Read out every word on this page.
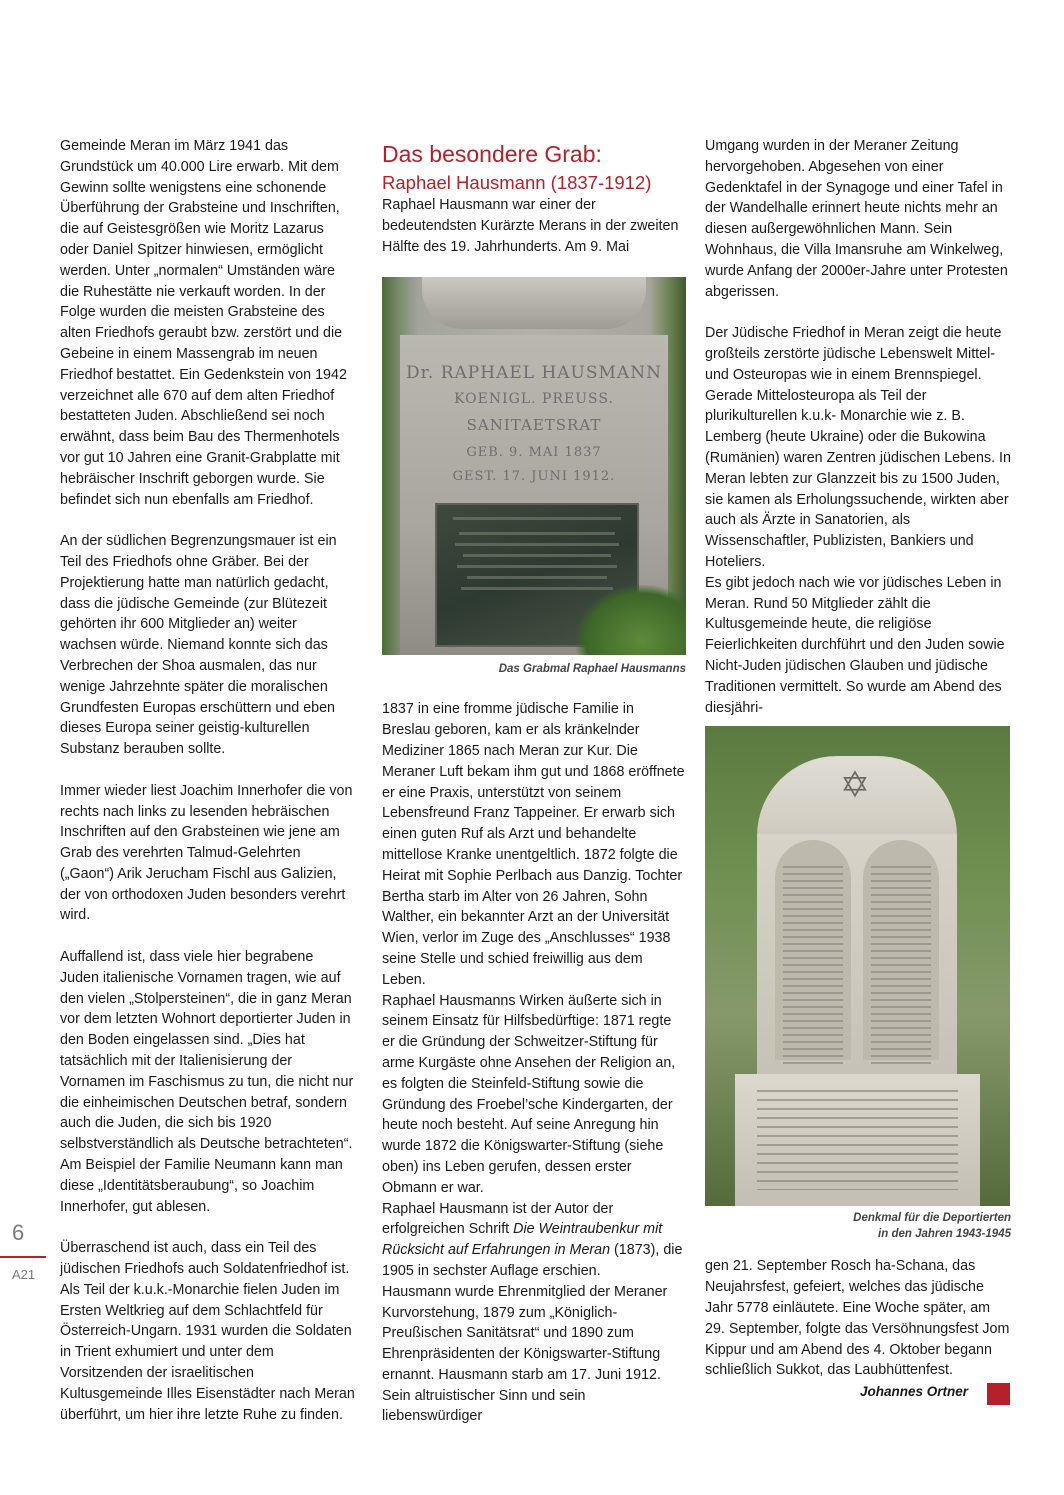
Gemeinde Meran im März 1941 das Grundstück um 40.000 Lire erwarb. Mit dem Gewinn sollte wenigstens eine schonende Überführung der Grabsteine und Inschriften, die auf Geistesgrößen wie Moritz Lazarus oder Daniel Spitzer hinwiesen, ermöglicht werden. Unter „normalen“ Umständen wäre die Ruhestätte nie verkauft worden. In der Folge wurden die meisten Grabsteine des alten Friedhofs geraubt bzw. zerstört und die Gebeine in einem Massengrab im neuen Friedhof bestattet. Ein Gedenkstein von 1942 verzeichnet alle 670 auf dem alten Friedhof bestatteten Juden. Abschließend sei noch erwähnt, dass beim Bau des Thermenhotels vor gut 10 Jahren eine Granit-Grabplatte mit hebräischer Inschrift geborgen wurde. Sie befindet sich nun ebenfalls am Friedhof.

An der südlichen Begrenzungsmauer ist ein Teil des Friedhofs ohne Gräber. Bei der Projektierung hatte man natürlich gedacht, dass die jüdische Gemeinde (zur Blütezeit gehörten ihr 600 Mitglieder an) weiter wachsen würde. Niemand konnte sich das Verbrechen der Shoa ausmalen, das nur wenige Jahrzehnte später die moralischen Grundfesten Europas erschüttern und eben dieses Europa seiner geistig-kulturellen Substanz berauben sollte.

Immer wieder liest Joachim Innerhofer die von rechts nach links zu lesenden hebräischen Inschriften auf den Grabsteinen wie jene am Grab des verehrten Talmud-Gelehrten („Gaon“) Arik Jerucham Fischl aus Galizien, der von orthodoxen Juden besonders verehrt wird.

Auffallend ist, dass viele hier begrabene Juden italienische Vornamen tragen, wie auf den vielen „Stolpersteinen“, die in ganz Meran vor dem letzten Wohnort deportierter Juden in den Boden eingelassen sind. „Dies hat tatsächlich mit der Italienisierung der Vornamen im Faschismus zu tun, die nicht nur die einheimischen Deutschen betraf, sondern auch die Juden, die sich bis 1920 selbstverständlich als Deutsche betrachteten“. Am Beispiel der Familie Neumann kann man diese „Identitätsberaubung“, so Joachim Innerhofer, gut ablesen.

Überraschend ist auch, dass ein Teil des jüdischen Friedhofs auch Soldatenfriedhof ist. Als Teil der k.u.k.-Monarchie fielen Juden im Ersten Weltkrieg auf dem Schlachtfeld für Österreich-Ungarn. 1931 wurden die Soldaten in Trient exhumiert und unter dem Vorsitzenden der israelitischen Kultusgemeinde Illes Eisenstädter nach Meran überführt, um hier ihre letzte Ruhe zu finden.

Das besondere Grab:
Raphael Hausmann (1837-1912)

Raphael Hausmann war einer der bedeutendsten Kurärzte Merans in der zweiten Hälfte des 19. Jahrhunderts. Am 9. Mai

Dr. RAPHAEL HAUSMANN
KOENIGL. PREUSS.
SANITAETSRAT
GEB. 9. MAI 1837
GEST. 17. JUNI 1912.
Das Grabmal Raphael Hausmanns

1837 in eine fromme jüdische Familie in Breslau geboren, kam er als kränkelnder Mediziner 1865 nach Meran zur Kur. Die Meraner Luft bekam ihm gut und 1868 eröffnete er eine Praxis, unterstützt von seinem Lebensfreund Franz Tappeiner. Er erwarb sich einen guten Ruf als Arzt und behandelte mittellose Kranke unentgeltlich. 1872 folgte die Heirat mit Sophie Perlbach aus Danzig. Tochter Bertha starb im Alter von 26 Jahren, Sohn Walther, ein bekannter Arzt an der Universität Wien, verlor im Zuge des „Anschlusses“ 1938 seine Stelle und schied freiwillig aus dem Leben.

Raphael Hausmanns Wirken äußerte sich in seinem Einsatz für Hilfsbedürftige: 1871 regte er die Gründung der Schweitzer-Stiftung für arme Kurgäste ohne Ansehen der Religion an, es folgten die Steinfeld-Stiftung sowie die Gründung des Froebel’sche Kindergarten, der heute noch besteht. Auf seine Anregung hin wurde 1872 die Königswarter-Stiftung (siehe oben) ins Leben gerufen, dessen erster Obmann er war.

Raphael Hausmann ist der Autor der erfolgreichen Schrift Die Weintraubenkur mit Rücksicht auf Erfahrungen in Meran (1873), die 1905 in sechster Auflage erschien.

Hausmann wurde Ehrenmitglied der Meraner Kurvorstehung, 1879 zum „Königlich-Preußischen Sanitätsrat“ und 1890 zum Ehrenpräsidenten der Königswarter-Stiftung ernannt. Hausmann starb am 17. Juni 1912. Sein altruistischer Sinn und sein liebenswürdiger

Umgang wurden in der Meraner Zeitung hervorgehoben. Abgesehen von einer Gedenktafel in der Synagoge und einer Tafel in der Wandelhalle erinnert heute nichts mehr an diesen außergewöhnlichen Mann. Sein Wohnhaus, die Villa Imansruhe am Winkelweg, wurde Anfang der 2000er-Jahre unter Protesten abgerissen.

Der Jüdische Friedhof in Meran zeigt die heute großteils zerstörte jüdische Lebenswelt Mittel- und Osteuropas wie in einem Brennspiegel. Gerade Mittelosteuropa als Teil der plurikulturellen k.u.k- Monarchie wie z. B. Lemberg (heute Ukraine) oder die Bukowina (Rumänien) waren Zentren jüdischen Lebens. In Meran lebten zur Glanzzeit bis zu 1500 Juden, sie kamen als Erholungssuchende, wirkten aber auch als Ärzte in Sanatorien, als Wissenschaftler, Publizisten, Bankiers und Hoteliers.

Es gibt jedoch nach wie vor jüdisches Leben in Meran. Rund 50 Mitglieder zählt die Kultusgemeinde heute, die religiöse Feierlichkeiten durchführt und den Juden sowie Nicht-Juden jüdischen Glauben und jüdische Traditionen vermittelt. So wurde am Abend des diesjähri-

✡
Denkmal für die Deportierten
in den Jahren 1943-1945

gen 21. September Rosch ha-Schana, das Neujahrsfest, gefeiert, welches das jüdische Jahr 5778 einläutete. Eine Woche später, am 29. September, folgte das Versöhnungsfest Jom Kippur und am Abend des 4. Oktober begann schließlich Sukkot, das Laubhüttenfest.

Johannes Ortner
6
A21
